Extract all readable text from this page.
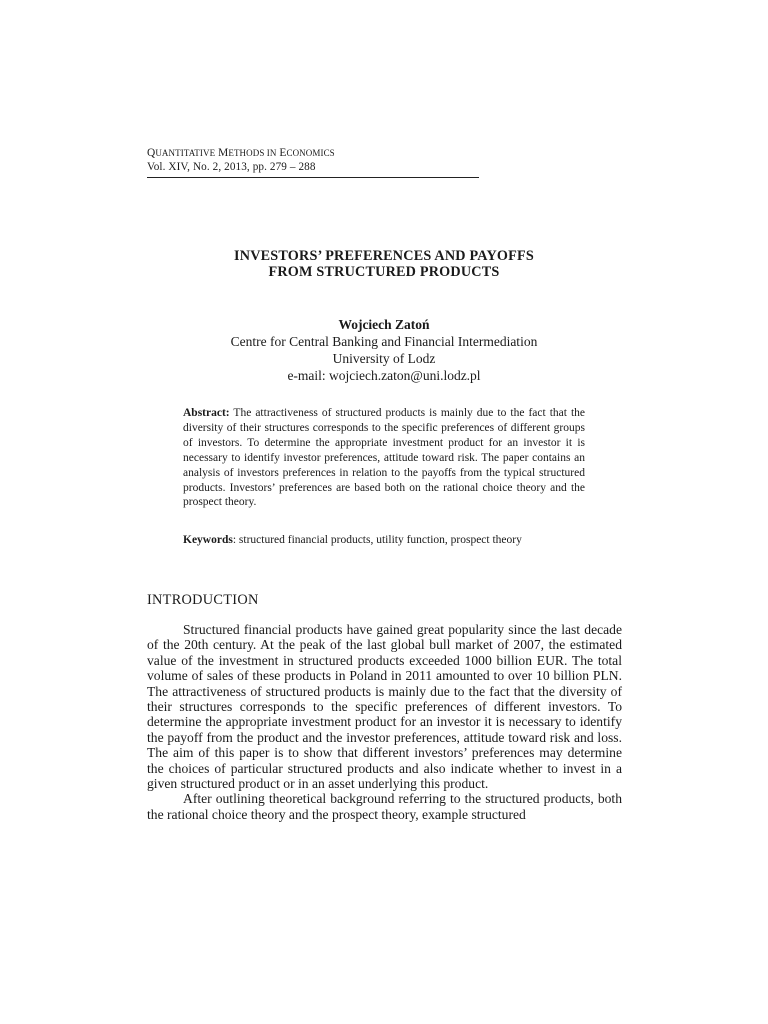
QUANTITATIVE METHODS IN ECONOMICS
Vol. XIV, No. 2, 2013, pp. 279 – 288
INVESTORS’ PREFERENCES AND PAYOFFS
FROM STRUCTURED PRODUCTS
Wojciech Zatoń
Centre for Central Banking and Financial Intermediation
University of Lodz
e-mail: wojciech.zaton@uni.lodz.pl
Abstract: The attractiveness of structured products is mainly due to the fact that the diversity of their structures corresponds to the specific preferences of different groups of investors. To determine the appropriate investment product for an investor it is necessary to identify investor preferences, attitude toward risk. The paper contains an analysis of investors preferences in relation to the payoffs from the typical structured products. Investors’ preferences are based both on the rational choice theory and the prospect theory.
Keywords: structured financial products, utility function, prospect theory
INTRODUCTION

Structured financial products have gained great popularity since the last decade of the 20th century. At the peak of the last global bull market of 2007, the estimated value of the investment in structured products exceeded 1000 billion EUR. The total volume of sales of these products in Poland in 2011 amounted to over 10 billion PLN. The attractiveness of structured products is mainly due to the fact that the diversity of their structures corresponds to the specific preferences of different investors. To determine the appropriate investment product for an investor it is necessary to identify the payoff from the product and the investor preferences, attitude toward risk and loss. The aim of this paper is to show that different investors’ preferences may determine the choices of particular structured products and also indicate whether to invest in a given structured product or in an asset underlying this product.

After outlining theoretical background referring to the structured products, both the rational choice theory and the prospect theory, example structured
